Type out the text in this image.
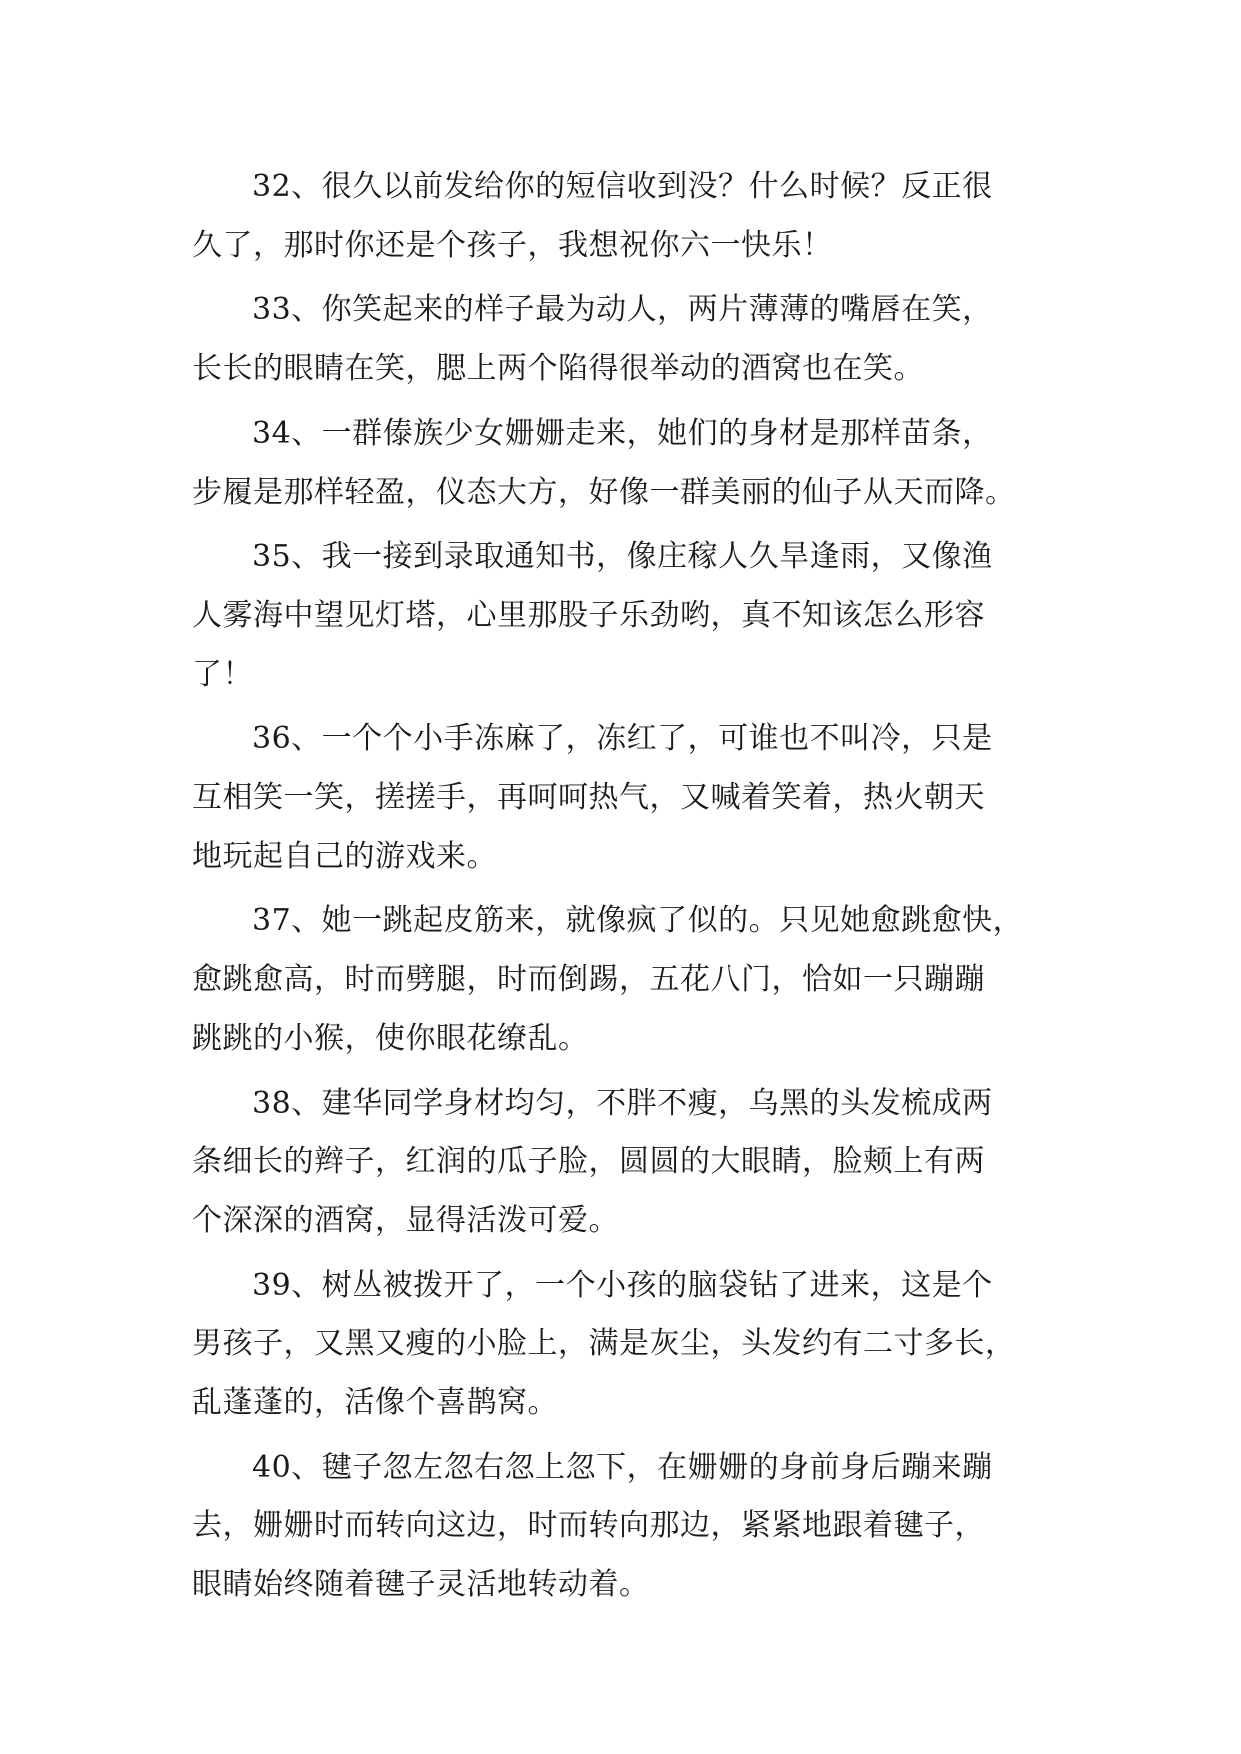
32、很久以前发给你的短信收到没？什么时候？反正很
久了，那时你还是个孩子，我想祝你六一快乐！

33、你笑起来的样子最为动人，两片薄薄的嘴唇在笑，
长长的眼睛在笑，腮上两个陷得很举动的酒窝也在笑。

34、一群傣族少女姗姗走来，她们的身材是那样苗条，
步履是那样轻盈，仪态大方，好像一群美丽的仙子从天而降。

35、我一接到录取通知书，像庄稼人久旱逢雨，又像渔
人雾海中望见灯塔，心里那股子乐劲哟，真不知该怎么形容
了！

36、一个个小手冻麻了，冻红了，可谁也不叫冷，只是
互相笑一笑，搓搓手，再呵呵热气，又喊着笑着，热火朝天
地玩起自己的游戏来。

37、她一跳起皮筋来，就像疯了似的。只见她愈跳愈快，
愈跳愈高，时而劈腿，时而倒踢，五花八门，恰如一只蹦蹦
跳跳的小猴，使你眼花缭乱。

38、建华同学身材均匀，不胖不瘦，乌黑的头发梳成两
条细长的辫子，红润的瓜子脸，圆圆的大眼睛，脸颊上有两
个深深的酒窝，显得活泼可爱。

39、树丛被拨开了，一个小孩的脑袋钻了进来，这是个
男孩子，又黑又瘦的小脸上，满是灰尘，头发约有二寸多长，
乱蓬蓬的，活像个喜鹊窝。

40、毽子忽左忽右忽上忽下，在姗姗的身前身后蹦来蹦
去，姗姗时而转向这边，时而转向那边，紧紧地跟着毽子，
眼睛始终随着毽子灵活地转动着。
